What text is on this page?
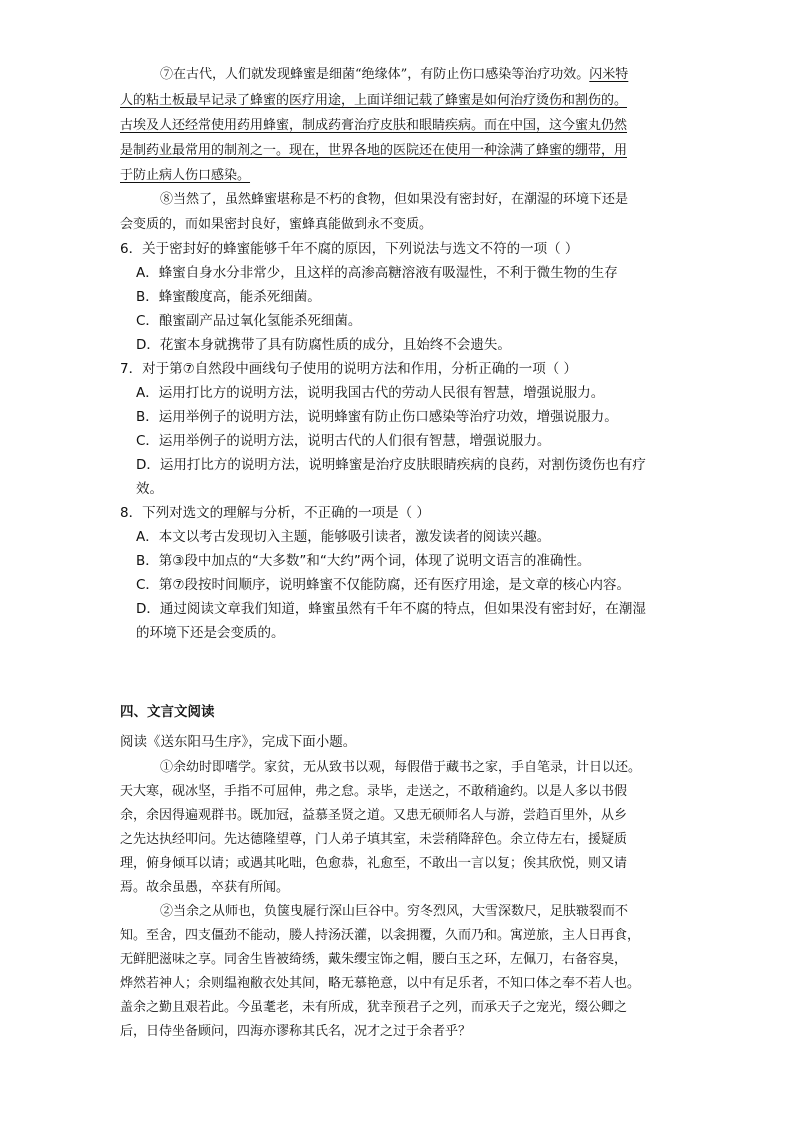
⑦在古代，人们就发现蜂蜜是细菌“绝缘体”，有防止伤口感染等治疗功效。闪米特
人的粘土板最早记录了蜂蜜的医疗用途，上面详细记载了蜂蜜是如何治疗烫伤和割伤的。
古埃及人还经常使用药用蜂蜜，制成药膏治疗皮肤和眼睛疾病。而在中国，这今蜜丸仍然
是制药业最常用的制剂之一。现在，世界各地的医院还在使用一种涂满了蜂蜜的绷带，用
于防止病人伤口感染。
⑧当然了，虽然蜂蜜堪称是不朽的食物，但如果没有密封好，在潮湿的环境下还是
会变质的，而如果密封良好，蜜蜂真能做到永不变质。
6．关于密封好的蜂蜜能够千年不腐的原因，下列说法与选文不符的一项（ ）
A．蜂蜜自身水分非常少，且这样的高渗高糖溶液有吸湿性，不利于微生物的生存
B．蜂蜜酸度高，能杀死细菌。
C．酿蜜副产品过氧化氢能杀死细菌。
D．花蜜本身就携带了具有防腐性质的成分，且始终不会遗失。
7．对于第⑦自然段中画线句子使用的说明方法和作用，分析正确的一项（ ）
A．运用打比方的说明方法，说明我国古代的劳动人民很有智慧，增强说服力。
B．运用举例子的说明方法，说明蜂蜜有防止伤口感染等治疗功效，增强说服力。
C．运用举例子的说明方法，说明古代的人们很有智慧，增强说服力。
D．运用打比方的说明方法，说明蜂蜜是治疗皮肤眼睛疾病的良药，对割伤烫伤也有疗
效。
8．下列对选文的理解与分析，不正确的一项是（ ）
A．本文以考古发现切入主题，能够吸引读者，激发读者的阅读兴趣。
B．第③段中加点的“大多数”和“大约”两个词，体现了说明文语言的准确性。
C．第⑦段按时间顺序，说明蜂蜜不仅能防腐，还有医疗用途，是文章的核心内容。
D．通过阅读文章我们知道，蜂蜜虽然有千年不腐的特点，但如果没有密封好，在潮湿
的环境下还是会变质的。
四、文言文阅读
阅读《送东阳马生序》，完成下面小题。
①余幼时即嗜学。家贫，无从致书以观，每假借于藏书之家，手自笔录，计日以还。
天大寒，砚冰坚，手指不可屈伸，弗之怠。录毕，走送之，不敢稍逾约。以是人多以书假
余，余因得遍观群书。既加冠，益慕圣贤之道。又患无硕师名人与游，尝趋百里外，从乡
之先达执经叩问。先达德隆望尊，门人弟子填其室，未尝稍降辞色。余立侍左右，援疑质
理，俯身倾耳以请；或遇其叱咄，色愈恭，礼愈至，不敢出一言以复；俟其欣悦，则又请
焉。故余虽愚，卒获有所闻。
②当余之从师也，负箧曳屣行深山巨谷中。穷冬烈风，大雪深数尺，足肤皲裂而不
知。至舍，四支僵劲不能动，媵人持汤沃灌，以衾拥覆，久而乃和。寓逆旅，主人日再食，
无鲜肥滋味之享。同舍生皆被绮绣，戴朱缨宝饰之帽，腰白玉之环，左佩刀，右备容臭，
烨然若神人；余则缊袍敝衣处其间，略无慕艳意，以中有足乐者，不知口体之奉不若人也。
盖余之勤且艰若此。今虽耄老，未有所成，犹幸预君子之列，而承天子之宠光，缀公卿之
后，日侍坐备顾问，四海亦谬称其氏名，况才之过于余者乎？
